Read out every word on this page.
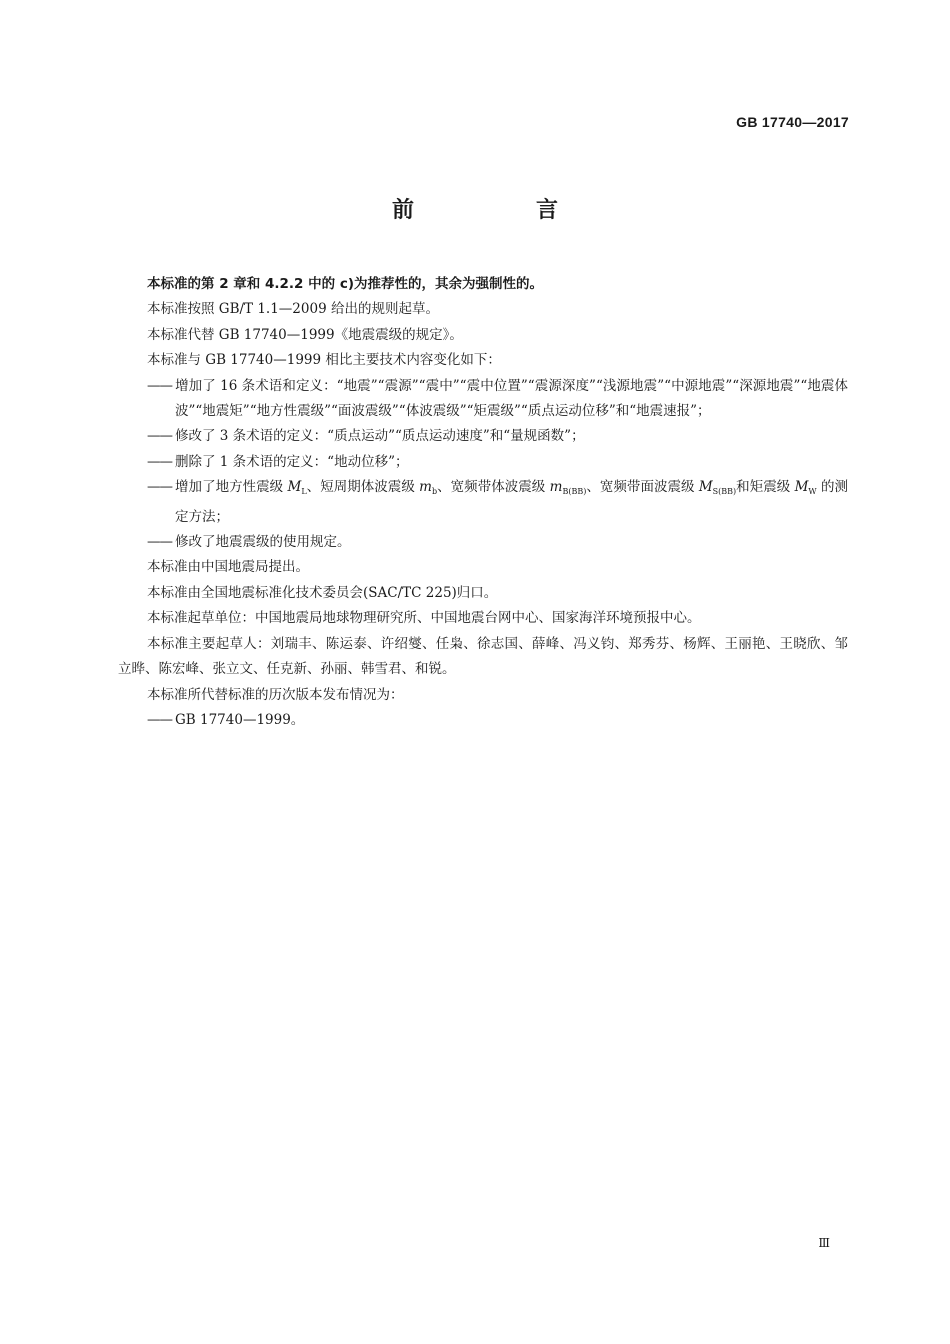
GB 17740—2017
前　言

本标准的第 2 章和 4.2.2 中的 c)为推荐性的，其余为强制性的。

本标准按照 GB/T 1.1—2009 给出的规则起草。

本标准代替 GB 17740—1999《地震震级的规定》。

本标准与 GB 17740—1999 相比主要技术内容变化如下：

—— 增加了 16 条术语和定义：“地震”“震源”“震中”“震中位置”“震源深度”“浅源地震”“中源地震”“深源地震”“地震体波”“地震矩”“地方性震级”“面波震级”“体波震级”“矩震级”“质点运动位移”和“地震速报”；

—— 修改了 3 条术语的定义：“质点运动”“质点运动速度”和“量规函数”；

—— 删除了 1 条术语的定义：“地动位移”；

—— 增加了地方性震级 $M_L$、短周期体波震级 $m_b$、宽频带体波震级 $m_{B(BB)}$、宽频带面波震级 $M_{S(BB)}$和矩震级 $M_W$ 的测定方法；

—— 修改了地震震级的使用规定。

本标准由中国地震局提出。

本标准由全国地震标准化技术委员会(SAC/TC 225)归口。

本标准起草单位：中国地震局地球物理研究所、中国地震台网中心、国家海洋环境预报中心。

本标准主要起草人：刘瑞丰、陈运泰、许绍燮、任枭、徐志国、薛峰、冯义钧、郑秀芬、杨辉、王丽艳、王晓欣、邹立晔、陈宏峰、张立文、任克新、孙丽、韩雪君、和锐。

本标准所代替标准的历次版本发布情况为：

—— GB 17740—1999。

Ⅲ
